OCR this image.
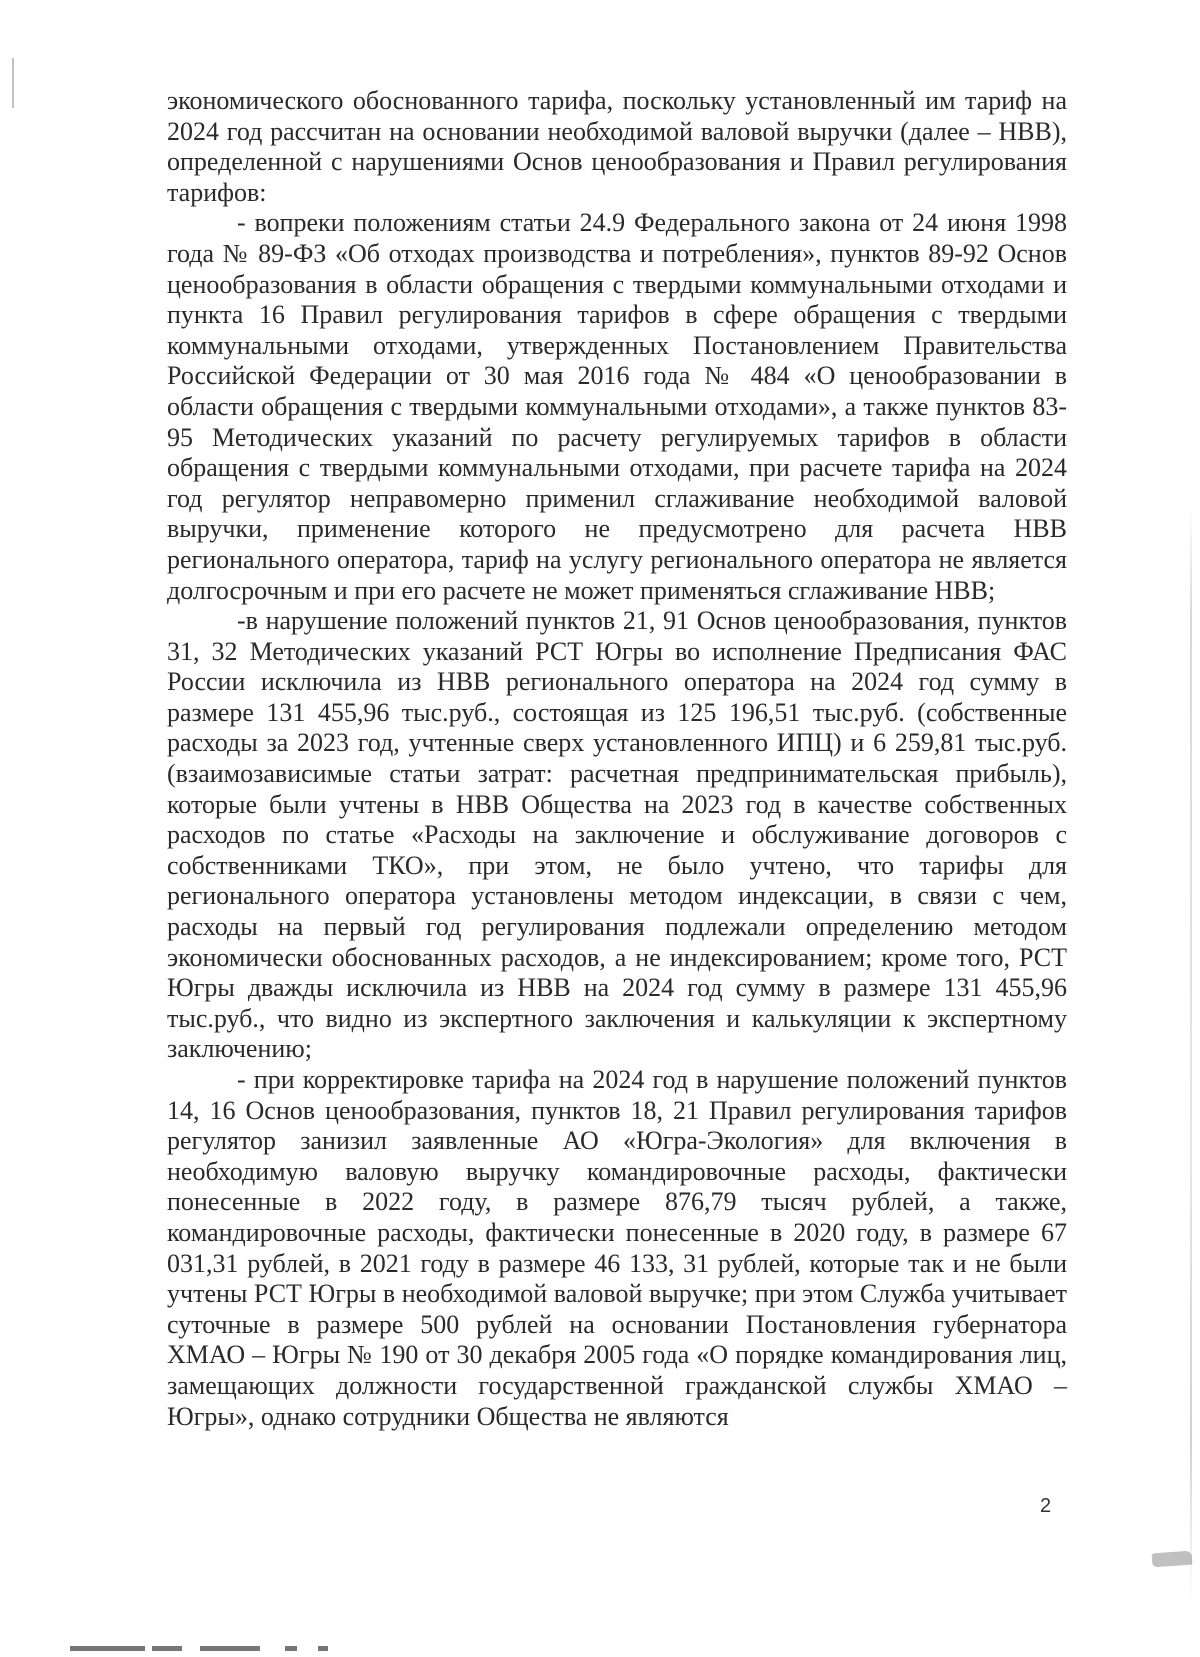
экономического обоснованного тарифа, поскольку установленный им тариф на 2024 год рассчитан на основании необходимой валовой выручки (далее – НВВ), определенной с нарушениями Основ ценообразования и Правил регулирования тарифов:

- вопреки положениям статьи 24.9 Федерального закона от 24 июня 1998 года № 89-ФЗ «Об отходах производства и потребления», пунктов 89-92 Основ ценообразования в области обращения с твердыми коммунальными отходами и пункта 16 Правил регулирования тарифов в сфере обращения с твердыми коммунальными отходами, утвержденных Постановлением Правительства Российской Федерации от 30 мая 2016 года № 484 «О ценообразовании в области обращения с твердыми коммунальными отходами», а также пунктов 83-95 Методических указаний по расчету регулируемых тарифов в области обращения с твердыми коммунальными отходами, при расчете тарифа на 2024 год регулятор неправомерно применил сглаживание необходимой валовой выручки, применение которого не предусмотрено для расчета НВВ регионального оператора, тариф на услугу регионального оператора не является долгосрочным и при его расчете не может применяться сглаживание НВВ;

-в нарушение положений пунктов 21, 91 Основ ценообразования, пунктов 31, 32 Методических указаний РСТ Югры во исполнение Предписания ФАС России исключила из НВВ регионального оператора на 2024 год сумму в размере 131 455,96 тыс.руб., состоящая из 125 196,51 тыс.руб. (собственные расходы за 2023 год, учтенные сверх установленного ИПЦ) и 6 259,81 тыс.руб. (взаимозависимые статьи затрат: расчетная предпринимательская прибыль), которые были учтены в НВВ Общества на 2023 год в качестве собственных расходов по статье «Расходы на заключение и обслуживание договоров с собственниками ТКО», при этом, не было учтено, что тарифы для регионального оператора установлены методом индексации, в связи с чем, расходы на первый год регулирования подлежали определению методом экономически обоснованных расходов, а не индексированием; кроме того, РСТ Югры дважды исключила из НВВ на 2024 год сумму в размере 131 455,96 тыс.руб., что видно из экспертного заключения и калькуляции к экспертному заключению;

- при корректировке тарифа на 2024 год в нарушение положений пунктов 14, 16 Основ ценообразования, пунктов 18, 21 Правил регулирования тарифов регулятор занизил заявленные АО «Югра-Экология» для включения в необходимую валовую выручку командировочные расходы, фактически понесенные в 2022 году, в размере 876,79 тысяч рублей, а также, командировочные расходы, фактически понесенные в 2020 году, в размере 67 031,31 рублей, в 2021 году в размере 46 133, 31 рублей, которые так и не были учтены РСТ Югры в необходимой валовой выручке; при этом Служба учитывает суточные в размере 500 рублей на основании Постановления губернатора ХМАО – Югры № 190 от 30 декабря 2005 года «О порядке командирования лиц, замещающих должности государственной гражданской службы ХМАО – Югры», однако сотрудники Общества не являются

2
